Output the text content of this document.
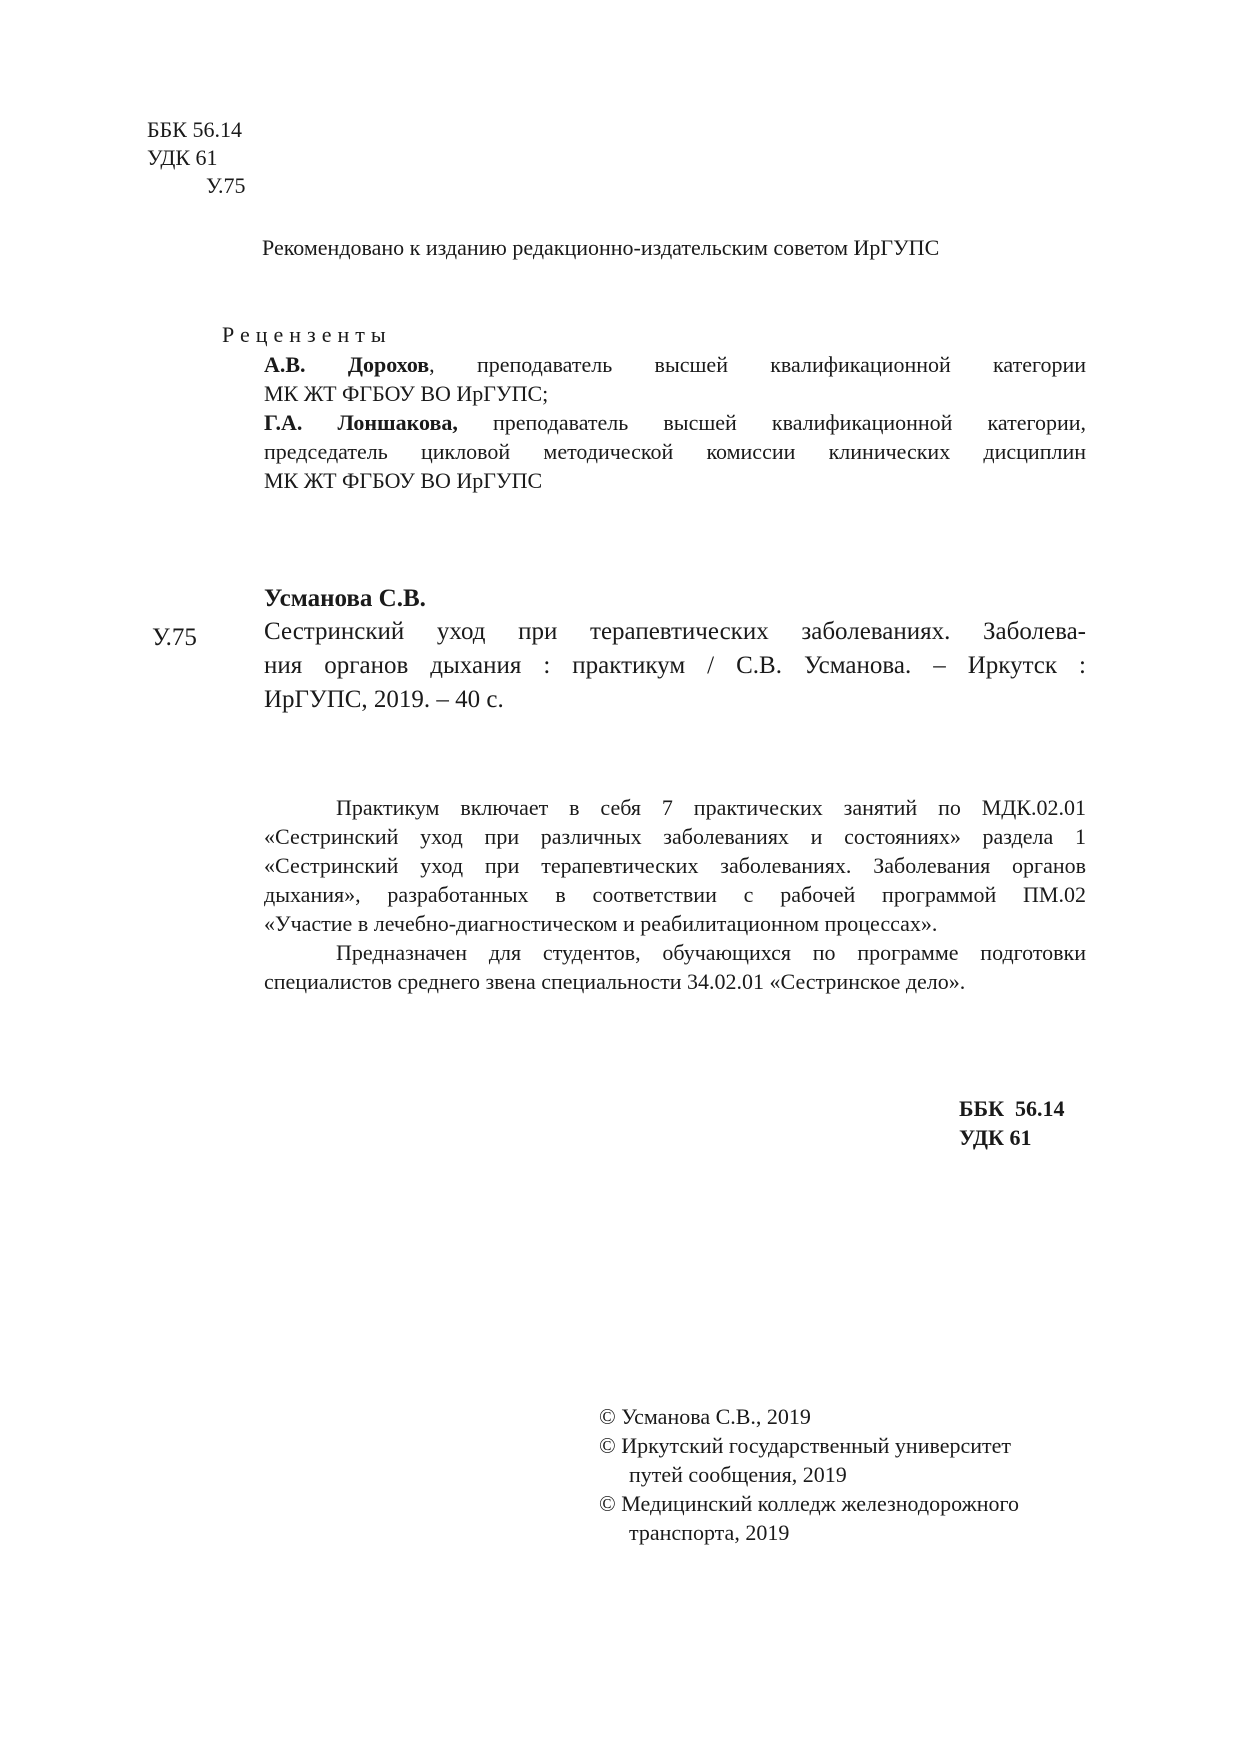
ББК 56.14
УДК 61
У.75
Рекомендовано к изданию редакционно-издательским советом ИрГУПС
Рецензенты
А.В. Дорохов, преподаватель высшей квалификационной категории
МК ЖТ ФГБОУ ВО ИрГУПС;
Г.А. Лоншакова, преподаватель высшей квалификационной категории,
председатель цикловой методической комиссии клинических дисциплин
МК ЖТ ФГБОУ ВО ИрГУПС
Усманова С.В.
У.75	Сестринский уход при терапевтических заболеваниях. Заболева-
ния органов дыхания : практикум / С.В. Усманова. – Иркутск :
ИрГУПС, 2019. – 40 с.
Практикум включает в себя 7 практических занятий по МДК.02.01
«Сестринский уход при различных заболеваниях и состояниях» раздела 1
«Сестринский уход при терапевтических заболеваниях. Заболевания органов
дыхания», разработанных в соответствии с рабочей программой ПМ.02
«Участие в лечебно-диагностическом и реабилитационном процессах».
Предназначен для студентов, обучающихся по программе подготовки
специалистов среднего звена специальности 34.02.01 «Сестринское дело».
ББК  56.14
УДК 61
© Усманова С.В., 2019
© Иркутский государственный университет
путей сообщения, 2019
© Медицинский колледж железнодорожного
транспорта, 2019
